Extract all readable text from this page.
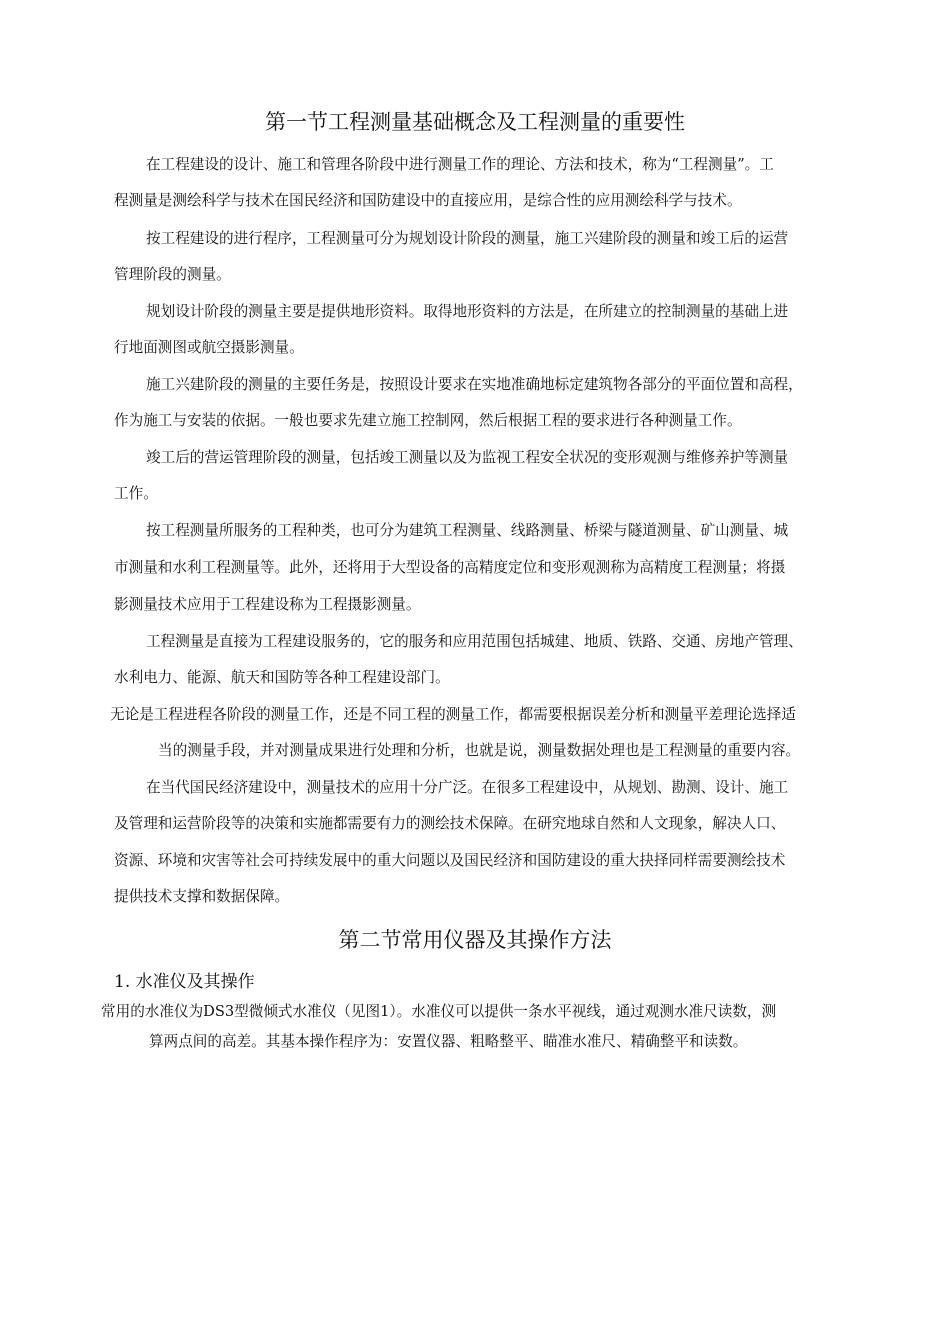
第一节工程测量基础概念及工程测量的重要性
在工程建设的设计、施工和管理各阶段中进行测量工作的理论、方法和技术，称为“工程测量”。工
程测量是测绘科学与技术在国民经济和国防建设中的直接应用，是综合性的应用测绘科学与技术。
按工程建设的进行程序，工程测量可分为规划设计阶段的测量，施工兴建阶段的测量和竣工后的运营
管理阶段的测量。
规划设计阶段的测量主要是提供地形资料。取得地形资料的方法是，在所建立的控制测量的基础上进
行地面测图或航空摄影测量。
施工兴建阶段的测量的主要任务是，按照设计要求在实地准确地标定建筑物各部分的平面位置和高程，
作为施工与安装的依据。一般也要求先建立施工控制网，然后根据工程的要求进行各种测量工作。
竣工后的营运管理阶段的测量，包括竣工测量以及为监视工程安全状况的变形观测与维修养护等测量
工作。
按工程测量所服务的工程种类，也可分为建筑工程测量、线路测量、桥梁与隧道测量、矿山测量、城
市测量和水利工程测量等。此外，还将用于大型设备的高精度定位和变形观测称为高精度工程测量；将摄
影测量技术应用于工程建设称为工程摄影测量。
工程测量是直接为工程建设服务的，它的服务和应用范围包括城建、地质、铁路、交通、房地产管理、
水利电力、能源、航天和国防等各种工程建设部门。
无论是工程进程各阶段的测量工作，还是不同工程的测量工作，都需要根据误差分析和测量平差理论选择适
当的测量手段，并对测量成果进行处理和分析，也就是说，测量数据处理也是工程测量的重要内容。
在当代国民经济建设中，测量技术的应用十分广泛。在很多工程建设中，从规划、勘测、设计、施工
及管理和运营阶段等的决策和实施都需要有力的测绘技术保障。在研究地球自然和人文现象，解决人口、
资源、环境和灾害等社会可持续发展中的重大问题以及国民经济和国防建设的重大抉择同样需要测绘技术
提供技术支撑和数据保障。
第二节常用仪器及其操作方法
1. 水准仪及其操作
常用的水准仪为DS3型微倾式水准仪（见图1）。水准仪可以提供一条水平视线，通过观测水准尺读数，测
算两点间的高差。其基本操作程序为：安置仪器、粗略整平、瞄准水准尺、精确整平和读数。
